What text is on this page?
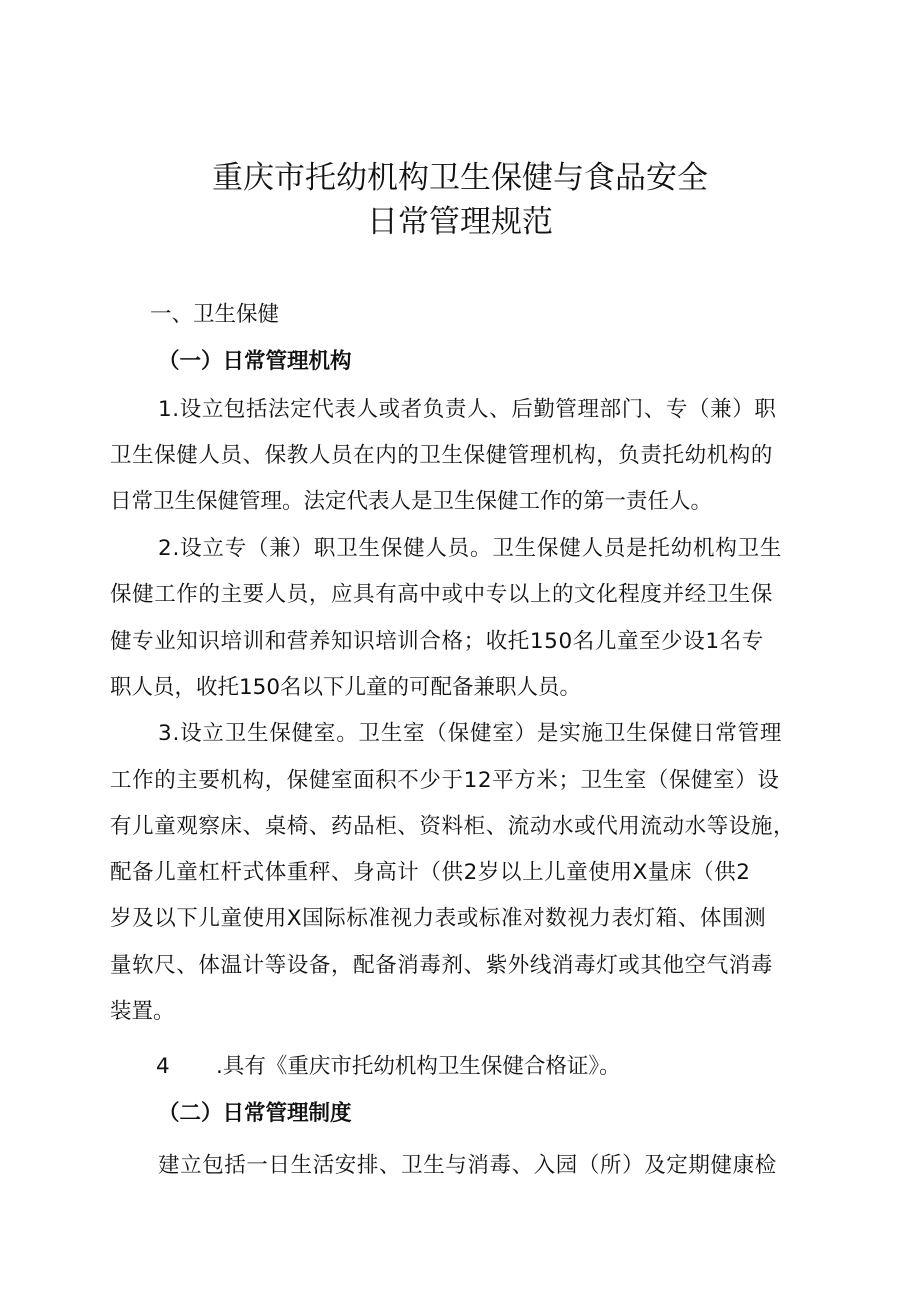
重庆市托幼机构卫生保健与食品安全
日常管理规范
一、卫生保健
（一）日常管理机构
1.设立包括法定代表人或者负责人、后勤管理部门、专（兼）职
卫生保健人员、保教人员在内的卫生保健管理机构，负责托幼机构的
日常卫生保健管理。法定代表人是卫生保健工作的第一责任人。
2.设立专（兼）职卫生保健人员。卫生保健人员是托幼机构卫生
保健工作的主要人员，应具有高中或中专以上的文化程度并经卫生保
健专业知识培训和营养知识培训合格；收托150名儿童至少设1名专
职人员，收托150名以下儿童的可配备兼职人员。
3.设立卫生保健室。卫生室（保健室）是实施卫生保健日常管理
工作的主要机构，保健室面积不少于12平方米；卫生室（保健室）设
有儿童观察床、桌椅、药品柜、资料柜、流动水或代用流动水等设施，
配备儿童杠杆式体重秤、身高计（供2岁以上儿童使用X量床（供2
岁及以下儿童使用X国际标准视力表或标准对数视力表灯箱、体围测
量软尺、体温计等设备，配备消毒剂、紫外线消毒灯或其他空气消毒
装置。
4	.具有《重庆市托幼机构卫生保健合格证》。
（二）日常管理制度
建立包括一日生活安排、卫生与消毒、入园（所）及定期健康检
